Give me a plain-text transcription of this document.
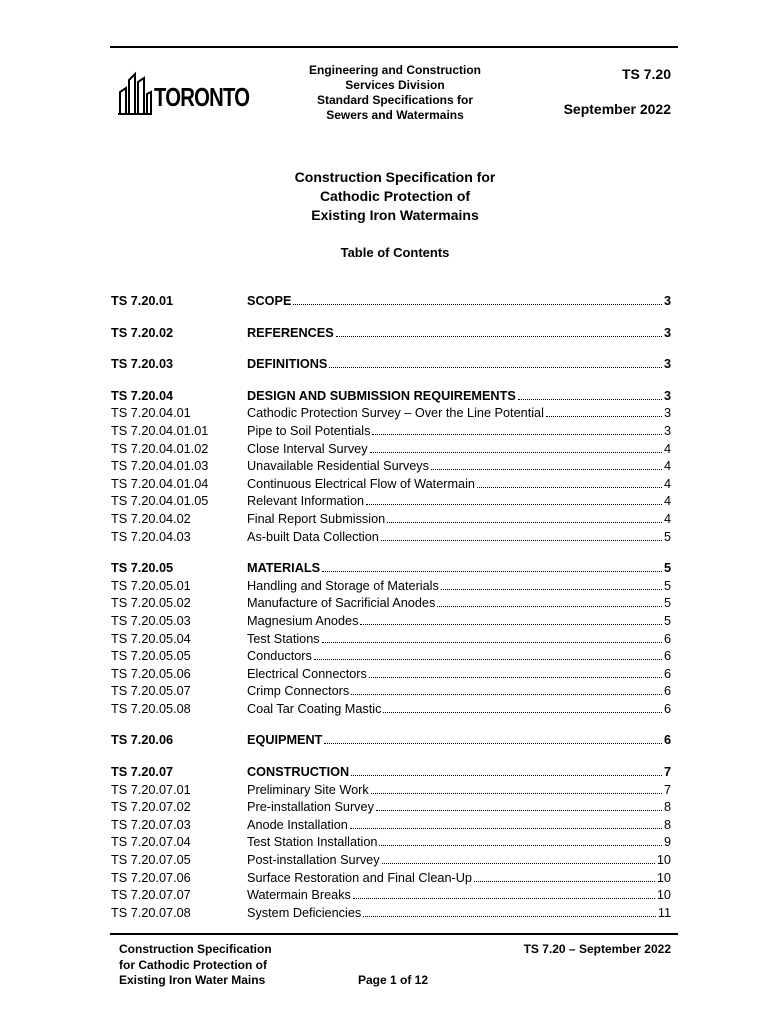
TORONTO
Engineering and Construction
Services Division
Standard Specifications for
Sewers and Watermains
TS 7.20
September 2022
Construction Specification for
Cathodic Protection of
Existing Iron Watermains
Table of Contents
TS 7.20.01	SCOPE	3
TS 7.20.02	REFERENCES	3
TS 7.20.03	DEFINITIONS	3
TS 7.20.04	DESIGN AND SUBMISSION REQUIREMENTS	3
TS 7.20.04.01	Cathodic Protection Survey – Over the Line Potential	3
TS 7.20.04.01.01	Pipe to Soil Potentials	3
TS 7.20.04.01.02	Close Interval Survey	4
TS 7.20.04.01.03	Unavailable Residential Surveys	4
TS 7.20.04.01.04	Continuous Electrical Flow of Watermain	4
TS 7.20.04.01.05	Relevant Information	4
TS 7.20.04.02	Final Report Submission	4
TS 7.20.04.03	As-built Data Collection	5
TS 7.20.05	MATERIALS	5
TS 7.20.05.01	Handling and Storage of Materials	5
TS 7.20.05.02	Manufacture of Sacrificial Anodes	5
TS 7.20.05.03	Magnesium Anodes	5
TS 7.20.05.04	Test Stations	6
TS 7.20.05.05	Conductors	6
TS 7.20.05.06	Electrical Connectors	6
TS 7.20.05.07	Crimp Connectors	6
TS 7.20.05.08	Coal Tar Coating Mastic	6
TS 7.20.06	EQUIPMENT	6
TS 7.20.07	CONSTRUCTION	7
TS 7.20.07.01	Preliminary Site Work	7
TS 7.20.07.02	Pre-installation Survey	8
TS 7.20.07.03	Anode Installation	8
TS 7.20.07.04	Test Station Installation	9
TS 7.20.07.05	Post-installation Survey	10
TS 7.20.07.06	Surface Restoration and Final Clean-Up	10
TS 7.20.07.07	Watermain Breaks	10
TS 7.20.07.08	System Deficiencies	11
Construction Specification
for Cathodic Protection of
Existing Iron Water Mains
TS 7.20 – September 2022
Page 1 of 12
